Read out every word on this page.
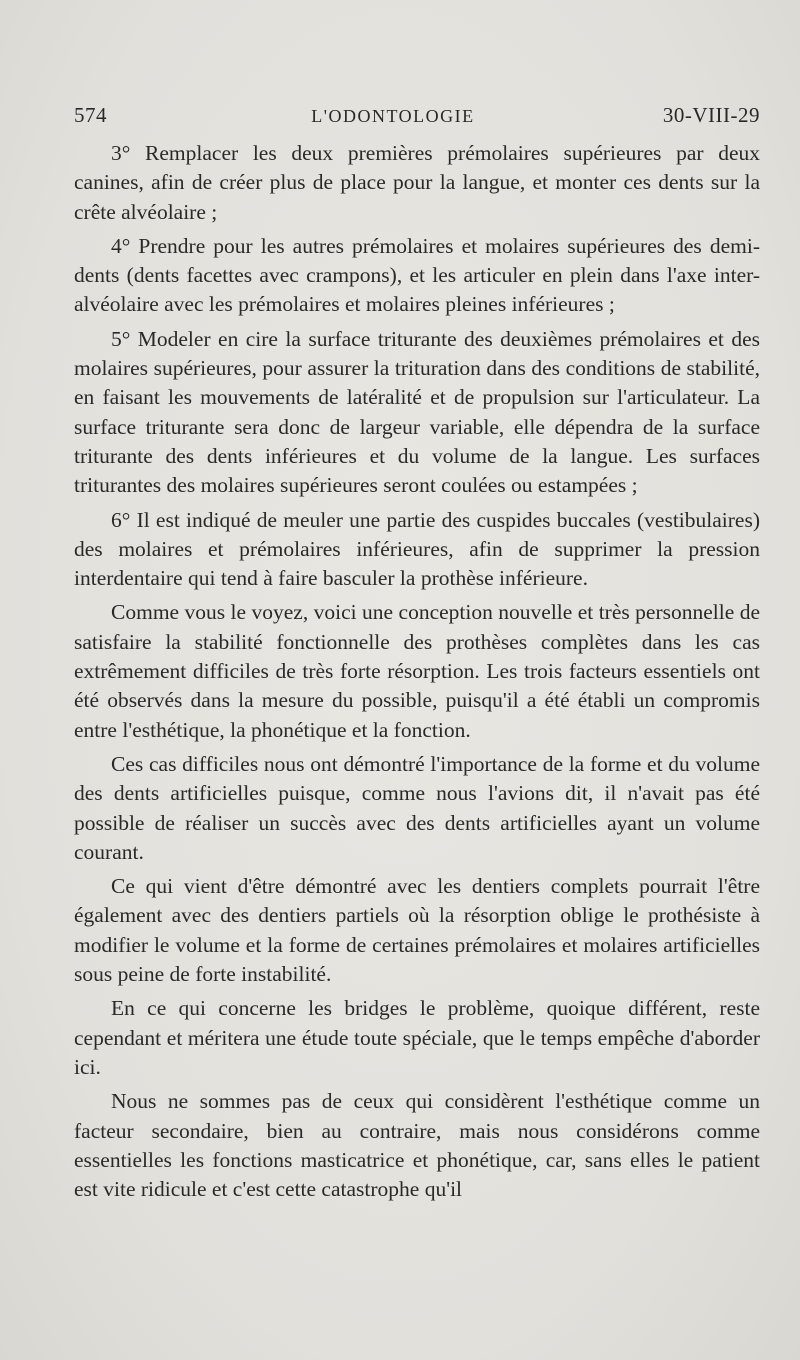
574	L'ODONTOLOGIE	30-VIII-29

3° Remplacer les deux premières prémolaires supérieures par deux canines, afin de créer plus de place pour la langue, et monter ces dents sur la crête alvéolaire ;

4° Prendre pour les autres prémolaires et molaires supérieures des demi-dents (dents facettes avec crampons), et les articuler en plein dans l'axe inter-alvéolaire avec les prémolaires et molaires pleines inférieures ;

5° Modeler en cire la surface triturante des deuxièmes prémolaires et des molaires supérieures, pour assurer la trituration dans des conditions de stabilité, en faisant les mouvements de latéralité et de propulsion sur l'articulateur. La surface triturante sera donc de largeur variable, elle dépendra de la surface triturante des dents inférieures et du volume de la langue. Les surfaces triturantes des molaires supérieures seront coulées ou estampées ;

6° Il est indiqué de meuler une partie des cuspides buccales (vestibulaires) des molaires et prémolaires inférieures, afin de supprimer la pression interdentaire qui tend à faire basculer la prothèse inférieure.

Comme vous le voyez, voici une conception nouvelle et très personnelle de satisfaire la stabilité fonctionnelle des prothèses complètes dans les cas extrêmement difficiles de très forte résorption. Les trois facteurs essentiels ont été observés dans la mesure du possible, puisqu'il a été établi un compromis entre l'esthétique, la phonétique et la fonction.

Ces cas difficiles nous ont démontré l'importance de la forme et du volume des dents artificielles puisque, comme nous l'avions dit, il n'avait pas été possible de réaliser un succès avec des dents artificielles ayant un volume courant.

Ce qui vient d'être démontré avec les dentiers complets pourrait l'être également avec des dentiers partiels où la résorption oblige le prothésiste à modifier le volume et la forme de certaines prémolaires et molaires artificielles sous peine de forte instabilité.

En ce qui concerne les bridges le problème, quoique différent, reste cependant et méritera une étude toute spéciale, que le temps empêche d'aborder ici.

Nous ne sommes pas de ceux qui considèrent l'esthétique comme un facteur secondaire, bien au contraire, mais nous considérons comme essentielles les fonctions masticatrice et phonétique, car, sans elles le patient est vite ridicule et c'est cette catastrophe qu'il
